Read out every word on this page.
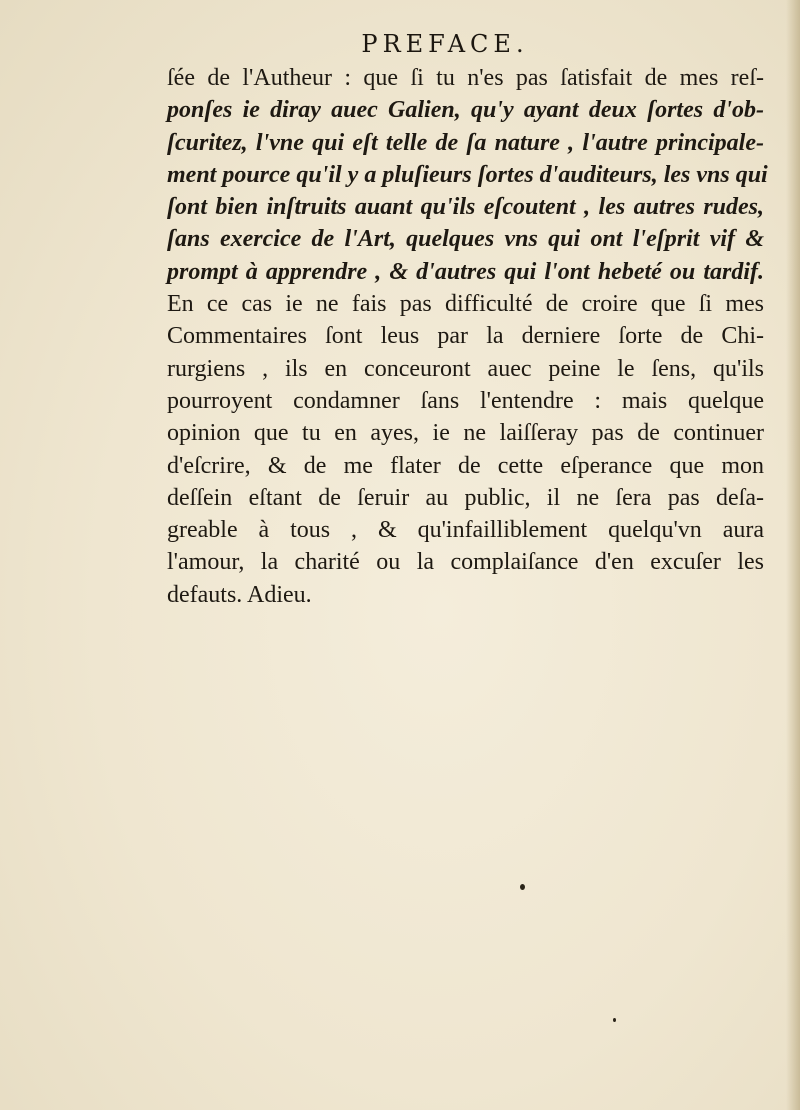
PREFACE.
ſée de l'Autheur : que ſi tu n'es pas ſatisfait de mes reſ-
ponſes ie diray auec Galien, qu'y ayant deux ſortes d'ob-
ſcuritez, l'vne qui eſt telle de ſa nature , l'autre principale-
ment pource qu'il y a pluſieurs ſortes d'auditeurs, les vns qui
ſont bien inſtruits auant qu'ils eſcoutent , les autres rudes,
ſans exercice de l'Art, quelques vns qui ont l'eſprit vif &
prompt à apprendre , & d'autres qui l'ont hebeté ou tardif.
En ce cas ie ne fais pas difficulté de croire que ſi mes
Commentaires ſont leus par la derniere ſorte de Chi-
rurgiens , ils en conceuront auec peine le ſens, qu'ils
pourroyent condamner ſans l'entendre : mais quelque
opinion que tu en ayes, ie ne laiſſeray pas de continuer
d'eſcrire, & de me flater de cette eſperance que mon
deſſein eſtant de ſeruir au public, il ne ſera pas deſa-
greable à tous , & qu'infailliblement quelqu'vn aura
l'amour, la charité ou la complaiſance d'en excuſer les
defauts. Adieu.
